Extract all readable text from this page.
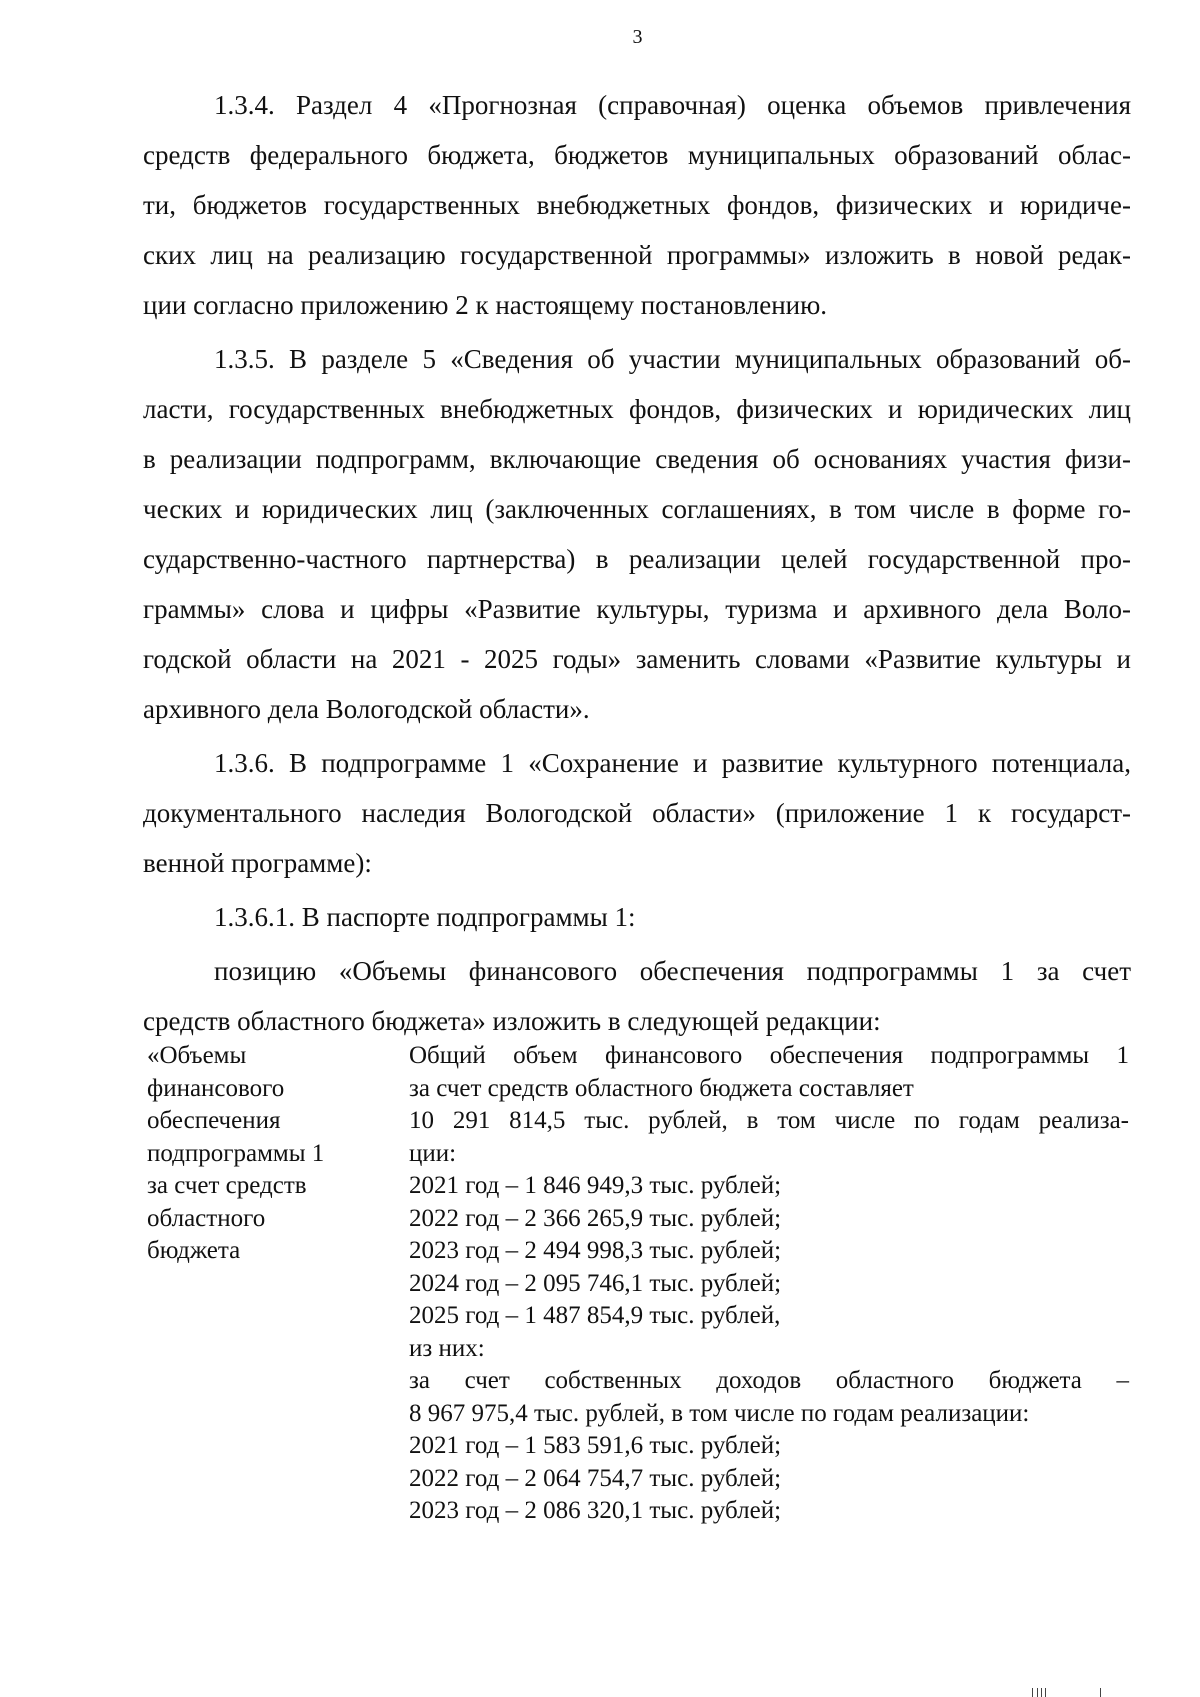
3
1.3.4. Раздел 4 «Прогнозная (справочная) оценка объемов привлечения
средств федерального бюджета, бюджетов муниципальных образований облас-
ти, бюджетов государственных внебюджетных фондов, физических и юридиче-
ских лиц на реализацию государственной программы» изложить в новой редак-
ции согласно приложению 2 к настоящему постановлению.
1.3.5. В разделе 5 «Сведения об участии муниципальных образований об-
ласти, государственных внебюджетных фондов, физических и юридических лиц
в реализации подпрограмм, включающие сведения об основаниях участия физи-
ческих и юридических лиц (заключенных соглашениях, в том числе в форме го-
сударственно-частного партнерства) в реализации целей государственной про-
граммы» слова и цифры «Развитие культуры, туризма и архивного дела Воло-
годской области на 2021 - 2025 годы» заменить словами «Развитие культуры и
архивного дела Вологодской области».
1.3.6. В подпрограмме 1 «Сохранение и развитие культурного потенциала,
документального наследия Вологодской области» (приложение 1 к государст-
венной программе):
1.3.6.1. В паспорте подпрограммы 1:
позицию «Объемы финансового обеспечения подпрограммы 1 за счет
средств областного бюджета» изложить в следующей редакции:
«Объемы
финансового
обеспечения
подпрограммы 1
за счет средств
областного
бюджета
Общий объем финансового обеспечения подпрограммы 1
за счет средств областного бюджета составляет
10 291 814,5 тыс. рублей, в том числе по годам реализа-
ции:
2021 год – 1 846 949,3 тыс. рублей;
2022 год – 2 366 265,9 тыс. рублей;
2023 год – 2 494 998,3 тыс. рублей;
2024 год – 2 095 746,1 тыс. рублей;
2025 год – 1 487 854,9 тыс. рублей,
из них:
за счет собственных доходов областного бюджета –
8 967 975,4 тыс. рублей, в том числе по годам реализации:
2021 год – 1 583 591,6 тыс. рублей;
2022 год – 2 064 754,7 тыс. рублей;
2023 год – 2 086 320,1 тыс. рублей;
